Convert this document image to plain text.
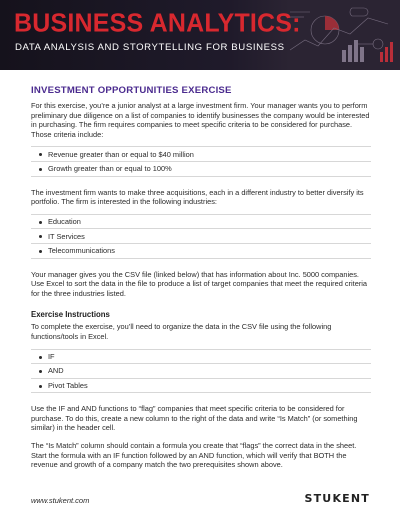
BUSINESS ANALYTICS:
DATA ANALYSIS AND STORYTELLING FOR BUSINESS
INVESTMENT OPPORTUNITIES EXERCISE

For this exercise, you’re a junior analyst at a large investment firm. Your manager wants you to perform preliminary due diligence on a list of companies to identify businesses the company would be interested in purchasing. The firm requires companies to meet specific criteria to be considered for purchase. Those criteria include:

Revenue greater than or equal to $40 million
Growth greater than or equal to 100%

The investment firm wants to make three acquisitions, each in a different industry to better diversify its portfolio. The firm is interested in the following industries:

Education
IT Services
Telecommunications

Your manager gives you the CSV file (linked below) that has information about Inc. 5000 companies. Use Excel to sort the data in the file to produce a list of target companies that meet the required criteria for the three industries listed.

Exercise Instructions

To complete the exercise, you’ll need to organize the data in the CSV file using the following functions/tools in Excel.

IF
AND
Pivot Tables

Use the IF and AND functions to “flag” companies that meet specific criteria to be considered for purchase. To do this, create a new column to the right of the data and write “Is Match” (or something similar) in the header cell.

The “Is Match” column should contain a formula you create that “flags” the correct data in the sheet. Start the formula with an IF function followed by an AND function, which will verify that BOTH the revenue and growth of a company match the two prerequisites shown above.

www.stukent.com	STUKENT
